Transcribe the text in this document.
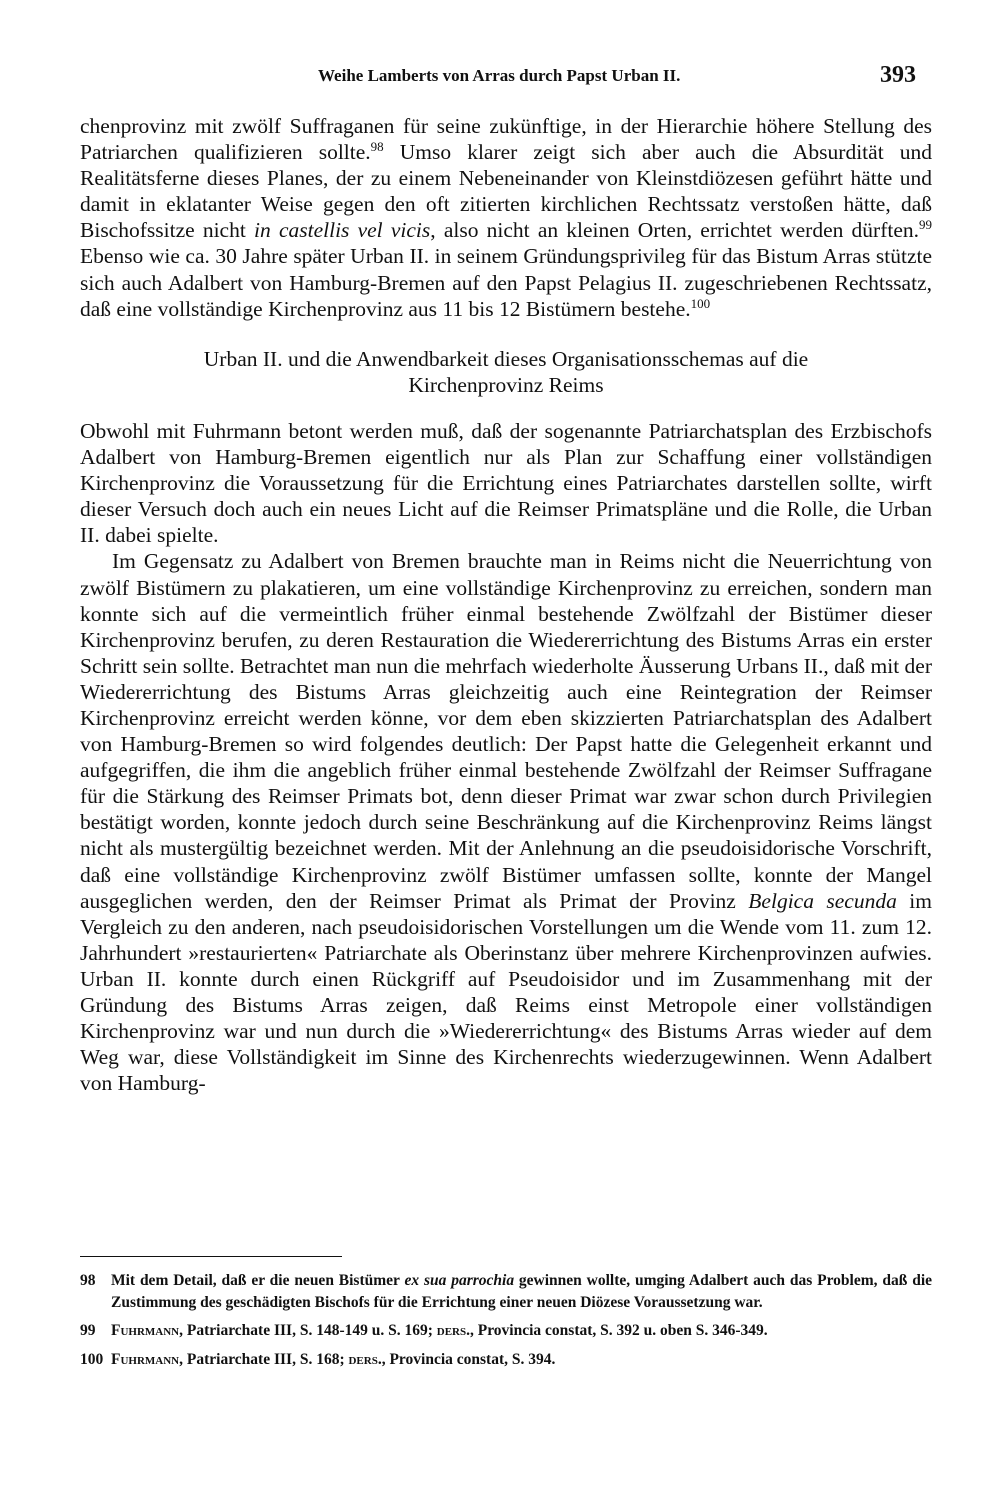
Weihe Lamberts von Arras durch Papst Urban II.	393

chenprovinz mit zwölf Suffraganen für seine zukünftige, in der Hierarchie höhere Stellung des Patriarchen qualifizieren sollte.$^{98}$ Umso klarer zeigt sich aber auch die Absurdität und Realitätsferne dieses Planes, der zu einem Nebeneinander von Kleinstdiözesen geführt hätte und damit in eklatanter Weise gegen den oft zitierten kirchlichen Rechtssatz verstoßen hätte, daß Bischofssitze nicht in castellis vel vicis, also nicht an kleinen Orten, errichtet werden dürften.$^{99}$ Ebenso wie ca. 30 Jahre später Urban II. in seinem Gründungsprivileg für das Bistum Arras stützte sich auch Adalbert von Hamburg-Bremen auf den Papst Pelagius II. zugeschriebenen Rechtssatz, daß eine vollständige Kirchenprovinz aus 11 bis 12 Bistümern bestehe.$^{100}$

Urban II. und die Anwendbarkeit dieses Organisationsschemas auf die
Kirchenprovinz Reims

Obwohl mit Fuhrmann betont werden muß, daß der sogenannte Patriarchatsplan des Erzbischofs Adalbert von Hamburg-Bremen eigentlich nur als Plan zur Schaffung einer vollständigen Kirchenprovinz die Voraussetzung für die Errichtung eines Patriarchates darstellen sollte, wirft dieser Versuch doch auch ein neues Licht auf die Reimser Primatspläne und die Rolle, die Urban II. dabei spielte.

Im Gegensatz zu Adalbert von Bremen brauchte man in Reims nicht die Neuerrichtung von zwölf Bistümern zu plakatieren, um eine vollständige Kirchenprovinz zu erreichen, sondern man konnte sich auf die vermeintlich früher einmal bestehende Zwölfzahl der Bistümer dieser Kirchenprovinz berufen, zu deren Restauration die Wiedererrichtung des Bistums Arras ein erster Schritt sein sollte. Betrachtet man nun die mehrfach wiederholte Äusserung Urbans II., daß mit der Wiedererrichtung des Bistums Arras gleichzeitig auch eine Reintegration der Reimser Kirchenprovinz erreicht werden könne, vor dem eben skizzierten Patriarchatsplan des Adalbert von Hamburg-Bremen so wird folgendes deutlich: Der Papst hatte die Gelegenheit erkannt und aufgegriffen, die ihm die angeblich früher einmal bestehende Zwölfzahl der Reimser Suffragane für die Stärkung des Reimser Primats bot, denn dieser Primat war zwar schon durch Privilegien bestätigt worden, konnte jedoch durch seine Beschränkung auf die Kirchenprovinz Reims längst nicht als mustergültig bezeichnet werden. Mit der Anlehnung an die pseudoisidorische Vorschrift, daß eine vollständige Kirchenprovinz zwölf Bistümer umfassen sollte, konnte der Mangel ausgeglichen werden, den der Reimser Primat als Primat der Provinz Belgica secunda im Vergleich zu den anderen, nach pseudoisidorischen Vorstellungen um die Wende vom 11. zum 12. Jahrhundert »restaurierten« Patriarchate als Oberinstanz über mehrere Kirchenprovinzen aufwies. Urban II. konnte durch einen Rückgriff auf Pseudoisidor und im Zusammenhang mit der Gründung des Bistums Arras zeigen, daß Reims einst Metropole einer vollständigen Kirchenprovinz war und nun durch die »Wiedererrichtung« des Bistums Arras wieder auf dem Weg war, diese Vollständigkeit im Sinne des Kirchenrechts wiederzugewinnen. Wenn Adalbert von Hamburg-

98 Mit dem Detail, daß er die neuen Bistümer ex sua parrochia gewinnen wollte, umging Adalbert auch das Problem, daß die Zustimmung des geschädigten Bischofs für die Errichtung einer neuen Diözese Voraussetzung war.
99 Fuhrmann, Patriarchate III, S. 148-149 u. S. 169; ders., Provincia constat, S. 392 u. oben S. 346-349.
100 Fuhrmann, Patriarchate III, S. 168; ders., Provincia constat, S. 394.
